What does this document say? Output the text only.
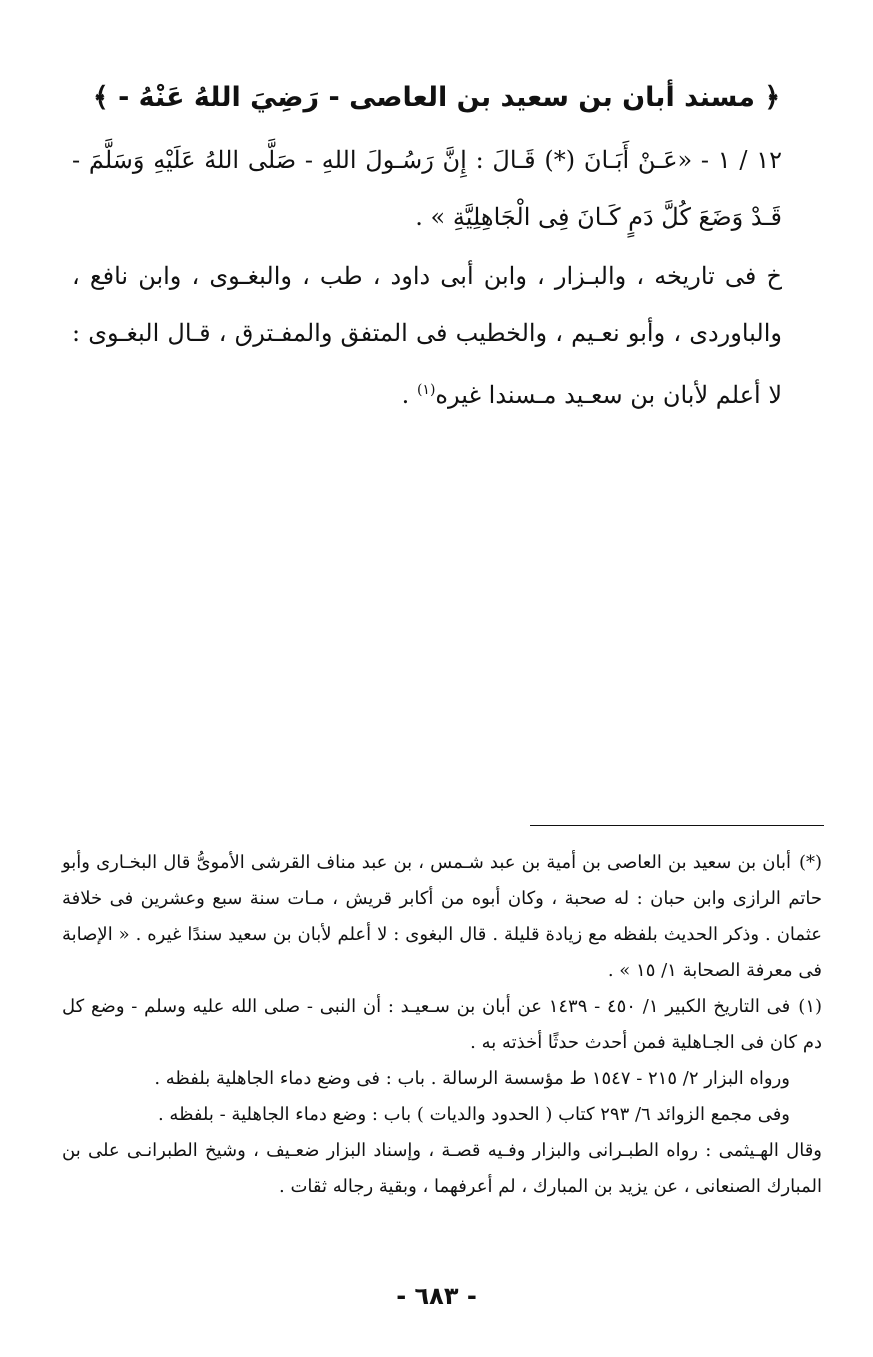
﴿ مسند أبان بن سعيد بن العاصى - رَضِيَ اللهُ عَنْهُ - ﴾

١٢ / ١ - «عَـنْ أَبَـانَ (*) قَـالَ : إِنَّ رَسُـولَ اللهِ - صَلَّى اللهُ عَلَيْهِ وَسَلَّمَ - قَـدْ وَضَعَ كُلَّ دَمٍ كَـانَ فِى الْجَاهِلِيَّةِ » .

خ فى تاريخه ، والبـزار ، وابن أبى داود ، طب ، والبغـوى ، وابن نافع ، والباوردى ، وأبو نعـيم ، والخطيب فى المتفق والمفـترق ، قـال البغـوى : لا أعلم لأبان بن سعـيد مـسندا غيره$^{(١)}$ .

(*)أبان بن سعيد بن العاصى بن أمية بن عبد شـمس ، بن عبد مناف القرشى الأموىُّ قال البخـارى وأبو حاتم الرازى وابن حبان : له صحبة ، وكان أبوه من أكابر قريش ، مـات سنة سبع وعشرين فى خلافة عثمان . وذكر الحديث بلفظه مع زيادة قليلة . قال البغوى : لا أعلم لأبان بن سعيد سندًا غيره . « الإصابة فى معرفة الصحابة ١/ ١٥ » .

(١)فى التاريخ الكبير ١/ ٤٥٠ - ١٤٣٩ عن أبان بن سـعيـد : أن النبى - صلى الله عليه وسلم - وضع كل دم كان فى الجـاهلية فمن أحدث حدثًا أخذته به .

ورواه البزار ٢/ ٢١٥ - ١٥٤٧ ط مؤسسة الرسالة . باب : فى وضع دماء الجاهلية بلفظه .

وفى مجمع الزوائد ٦/ ٢٩٣ كتاب ( الحدود والديات ) باب : وضع دماء الجاهلية - بلفظه .

وقال الهـيثمى : رواه الطبـرانى والبزار وفـيه قصـة ، وإسناد البزار ضعـيف ، وشيخ الطبرانـى على بن المبارك الصنعانى ، عن يزيد بن المبارك ، لم أعرفهما ، وبقية رجاله ثقات .

- ٦٨٣ -
